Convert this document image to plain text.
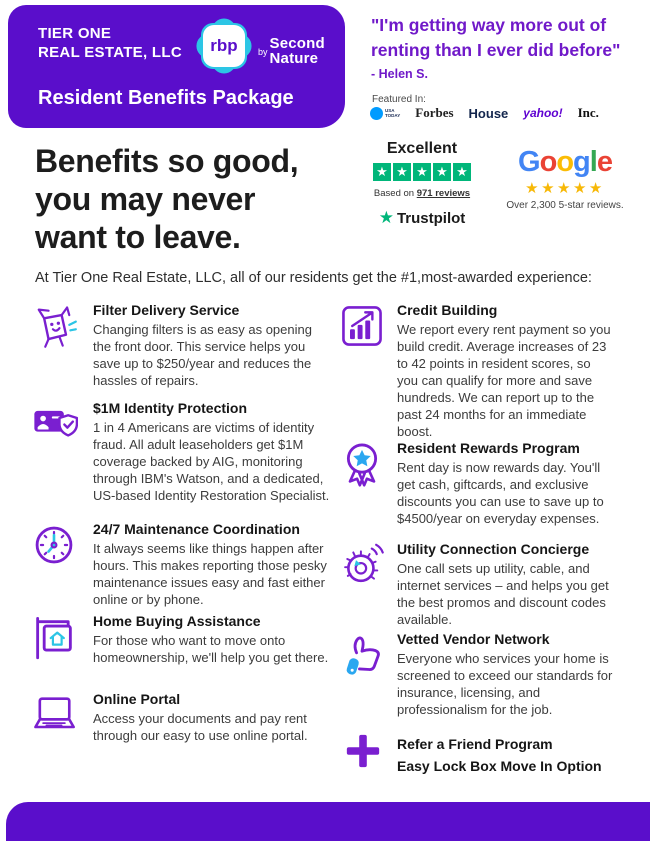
TIER ONE
REAL ESTATE, LLC	rbp	$^{by}$ Second
Nature
Resident Benefits Package
"I'm getting way more out of
renting than I ever did before"
- Helen S.
Featured In:
USA
TODAY Forbes House yahoo! Inc.
Excellent
★ ★ ★ ★ ★
Based on 971 reviews
★ Trustpilot
Google
★★★★★
Over 2,300 5-star reviews.
Benefits so good,
you may never
want to leave.
At Tier One Real Estate, LLC, all of our residents get the #1,most-awarded experience:
Filter Delivery Service
Changing filters is as easy as opening the front door. This service helps you save up to $250/year and reduces the hassles of repairs.
$1M Identity Protection
1 in 4 Americans are victims of identity fraud. All adult leaseholders get $1M coverage backed by AIG, monitoring through IBM's Watson, and a dedicated, US-based Identity Restoration Specialist.
24/7 Maintenance Coordination
It always seems like things happen after hours. This makes reporting those pesky maintenance issues easy and fast either online or by phone.
Home Buying Assistance
For those who want to move onto homeownership, we'll help you get there.
Online Portal
Access your documents and pay rent through our easy to use online portal.
Credit Building
We report every rent payment so you build credit. Average increases of 23 to 42 points in resident scores, so you can qualify for more and save hundreds. We can report up to the past 24 months for an immediate boost.
Resident Rewards Program
Rent day is now rewards day. You'll get cash, giftcards, and exclusive discounts you can use to save up to $4500/year on everyday expenses.
Utility Connection Concierge
One call sets up utility, cable, and internet services – and helps you get the best promos and discount codes available.
Vetted Vendor Network
Everyone who services your home is screened to exceed our standards for insurance, licensing, and professionalism for the job.
Refer a Friend Program
Easy Lock Box Move In Option
